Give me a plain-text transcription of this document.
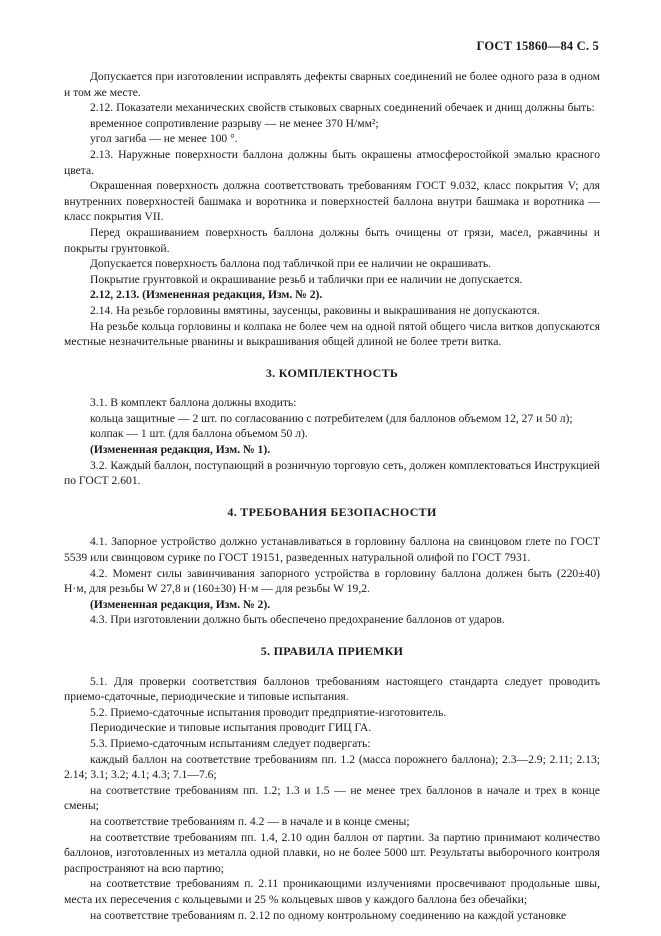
ГОСТ 15860—84 С. 5

Допускается при изготовлении исправлять дефекты сварных соединений не более одного раза в одном и том же месте.

2.12. Показатели механических свойств стыковых сварных соединений обечаек и днищ должны быть:

временное сопротивление разрыву — не менее 370 Н/мм²;

угол загиба — не менее 100 °.

2.13. Наружные поверхности баллона должны быть окрашены атмосферостойкой эмалью красного цвета.

Окрашенная поверхность должна соответствовать требованиям ГОСТ 9.032, класс покрытия V; для внутренних поверхностей башмака и воротника и поверхностей баллона внутри башмака и воротника — класс покрытия VII.

Перед окрашиванием поверхность баллона должны быть очищены от грязи, масел, ржавчины и покрыты грунтовкой.

Допускается поверхность баллона под табличкой при ее наличии не окрашивать.

Покрытие грунтовкой и окрашивание резьб и таблички при ее наличии не допускается.

2.12, 2.13. (Измененная редакция, Изм. № 2).

2.14. На резьбе горловины вмятины, заусенцы, раковины и выкрашивания не допускаются.

На резьбе кольца горловины и колпака не более чем на одной пятой общего числа витков допускаются местные незначительные рванины и выкрашивания общей длиной не более трети витка.

3. КОМПЛЕКТНОСТЬ

3.1. В комплект баллона должны входить:

кольца защитные — 2 шт. по согласованию с потребителем (для баллонов объемом 12, 27 и 50 л);

колпак — 1 шт. (для баллона объемом 50 л).

(Измененная редакция, Изм. № 1).

3.2. Каждый баллон, поступающий в розничную торговую сеть, должен комплектоваться Инструкцией по ГОСТ 2.601.

4. ТРЕБОВАНИЯ БЕЗОПАСНОСТИ

4.1. Запорное устройство должно устанавливаться в горловину баллона на свинцовом глете по ГОСТ 5539 или свинцовом сурике по ГОСТ 19151, разведенных натуральной олифой по ГОСТ 7931.

4.2. Момент силы завинчивания запорного устройства в горловину баллона должен быть (220±40) Н·м, для резьбы W 27,8 и (160±30) Н·м — для резьбы W 19,2.

(Измененная редакция, Изм. № 2).

4.3. При изготовлении должно быть обеспечено предохранение баллонов от ударов.

5. ПРАВИЛА ПРИЕМКИ

5.1. Для проверки соответствия баллонов требованиям настоящего стандарта следует проводить приемо-сдаточные, периодические и типовые испытания.

5.2. Приемо-сдаточные испытания проводит предприятие-изготовитель.

Периодические и типовые испытания проводит ГИЦ ГА.

5.3. Приемо-сдаточным испытаниям следует подвергать:

каждый баллон на соответствие требованиям пп. 1.2 (масса порожнего баллона); 2.3—2.9; 2.11; 2.13; 2.14; 3.1; 3.2; 4.1; 4.3; 7.1—7.6;

на соответствие требованиям пп. 1.2; 1.3 и 1.5 — не менее трех баллонов в начале и трех в конце смены;

на соответствие требованиям п. 4.2 — в начале и в конце смены;

на соответствие требованиям пп. 1.4, 2.10 один баллон от партии. За партию принимают количество баллонов, изготовленных из металла одной плавки, но не более 5000 шт. Результаты выборочного контроля распространяют на всю партию;

на соответствие требованиям п. 2.11 проникающими излучениями просвечивают продольные швы, места их пересечения с кольцевыми и 25 % кольцевых швов у каждого баллона без обечайки;

на соответствие требованиям п. 2.12 по одному контрольному соединению на каждой установке
